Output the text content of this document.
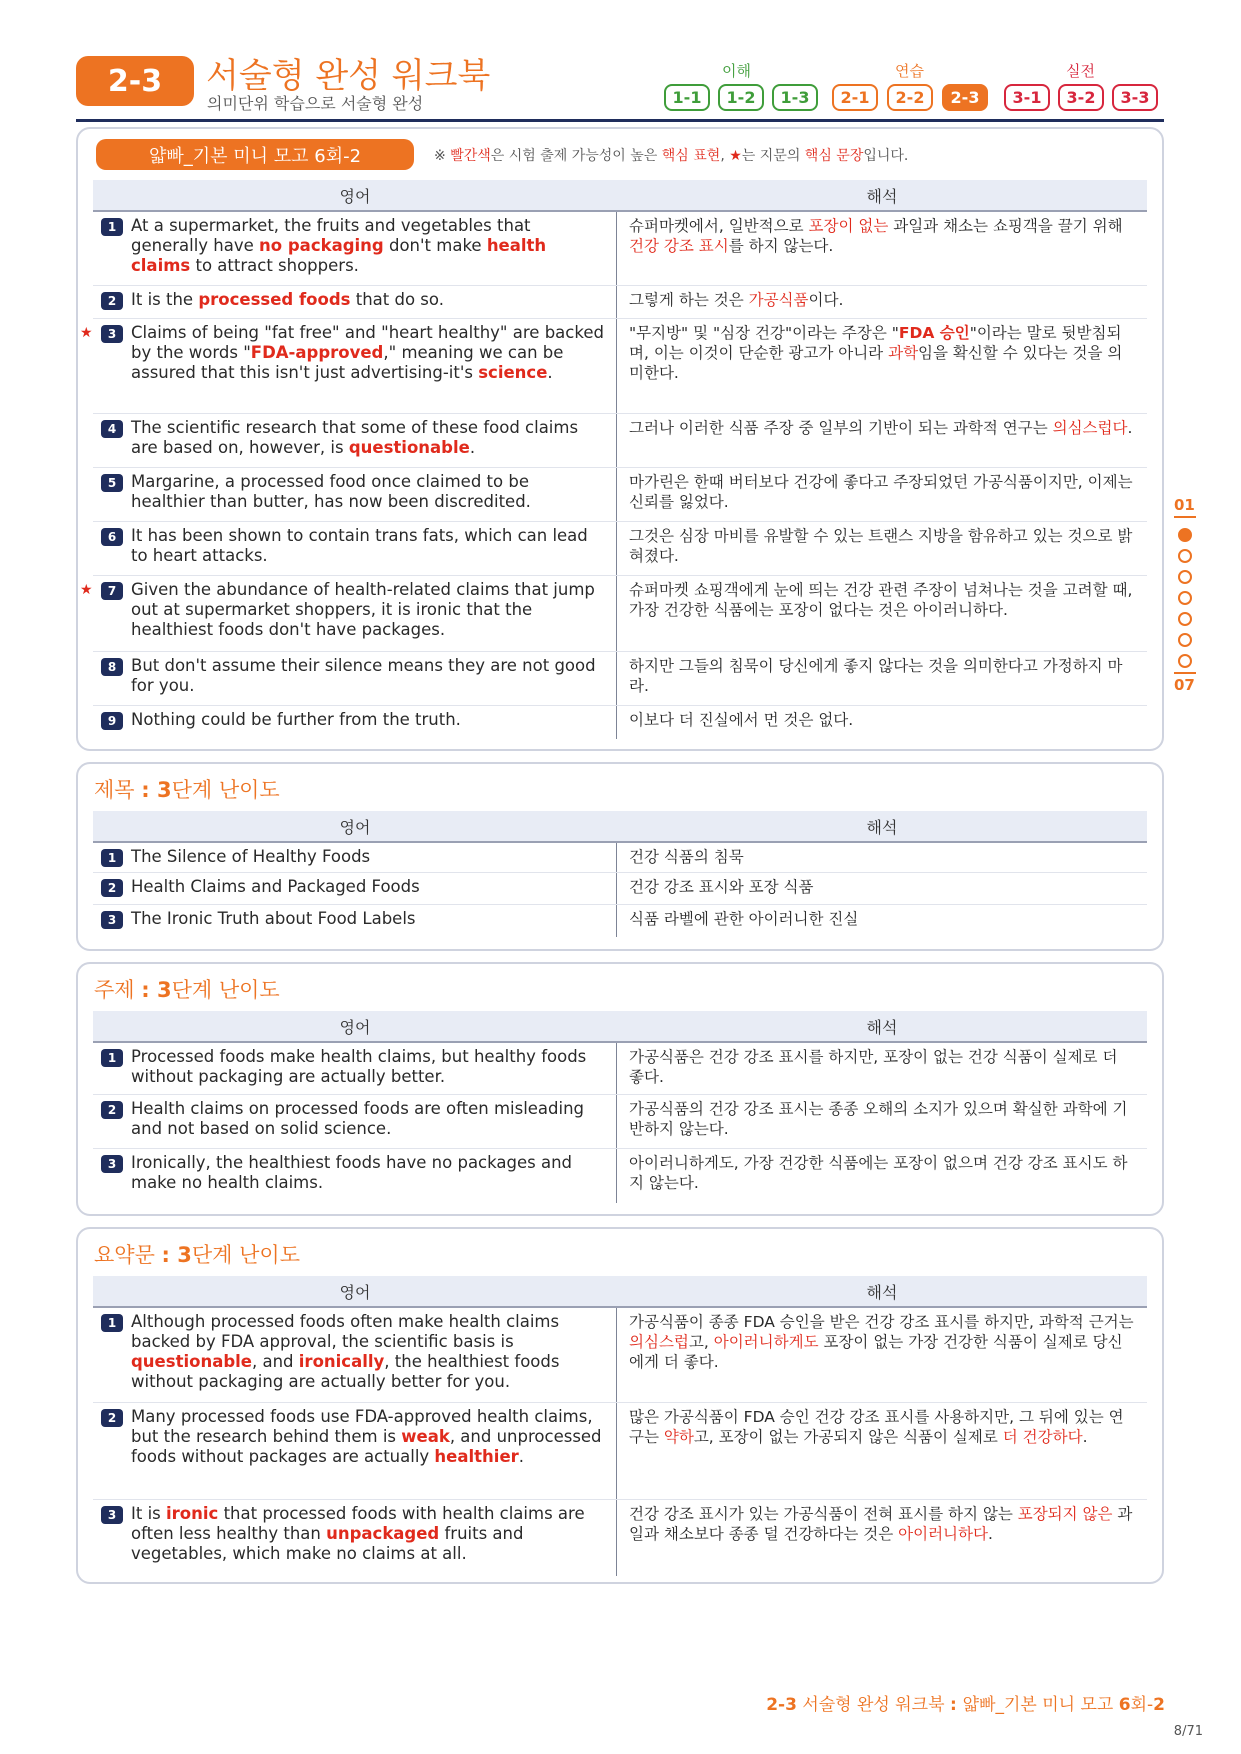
2-3	서술형 완성 워크북
의미단위 학습으로 서술형 완성
이해	연습	실전
1-1	1-2	1-3	2-1	2-2	2-3	3-1	3-2	3-3
얇빠_기본 미니 모고 6회-2	※ 빨간색은 시험 출제 가능성이 높은 핵심 표현, ★는 지문의 핵심 문장입니다.
영어	해석
1 At a supermarket, the fruits and vegetables that generally have no packaging don't make health claims to attract shoppers.
슈퍼마켓에서, 일반적으로 포장이 없는 과일과 채소는 쇼핑객을 끌기 위해 건강 강조 표시를 하지 않는다.
2 It is the processed foods that do so.	그렇게 하는 것은 가공식품이다.
★	3 Claims of being "fat free" and "heart healthy" are backed by the words "FDA-approved," meaning we can be assured that this isn't just advertising-it's science.
"무지방" 및 "심장 건강"이라는 주장은 "FDA 승인"이라는 말로 뒷받침되며, 이는 이것이 단순한 광고가 아니라 과학임을 확신할 수 있다는 것을 의미한다.
4 The scientific research that some of these food claims are based on, however, is questionable.
그러나 이러한 식품 주장 중 일부의 기반이 되는 과학적 연구는 의심스럽다.
5 Margarine, a processed food once claimed to be healthier than butter, has now been discredited.
마가린은 한때 버터보다 건강에 좋다고 주장되었던 가공식품이지만, 이제는 신뢰를 잃었다.
6 It has been shown to contain trans fats, which can lead to heart attacks.
그것은 심장 마비를 유발할 수 있는 트랜스 지방을 함유하고 있는 것으로 밝혀졌다.
★	7 Given the abundance of health-related claims that jump out at supermarket shoppers, it is ironic that the healthiest foods don't have packages.
슈퍼마켓 쇼핑객에게 눈에 띄는 건강 관련 주장이 넘쳐나는 것을 고려할 때, 가장 건강한 식품에는 포장이 없다는 것은 아이러니하다.
8 But don't assume their silence means they are not good for you.
하지만 그들의 침묵이 당신에게 좋지 않다는 것을 의미한다고 가정하지 마라.
9 Nothing could be further from the truth.	이보다 더 진실에서 먼 것은 없다.
제목 : 3단계 난이도
영어	해석
1 The Silence of Healthy Foods	건강 식품의 침묵
2 Health Claims and Packaged Foods	건강 강조 표시와 포장 식품
3 The Ironic Truth about Food Labels	식품 라벨에 관한 아이러니한 진실
주제 : 3단계 난이도
영어	해석
1 Processed foods make health claims, but healthy foods without packaging are actually better.
가공식품은 건강 강조 표시를 하지만, 포장이 없는 건강 식품이 실제로 더 좋다.
2 Health claims on processed foods are often misleading and not based on solid science.
가공식품의 건강 강조 표시는 종종 오해의 소지가 있으며 확실한 과학에 기반하지 않는다.
3 Ironically, the healthiest foods have no packages and make no health claims.
아이러니하게도, 가장 건강한 식품에는 포장이 없으며 건강 강조 표시도 하지 않는다.
요약문 : 3단계 난이도
영어	해석
1 Although processed foods often make health claims backed by FDA approval, the scientific basis is questionable, and ironically, the healthiest foods without packaging are actually better for you.
가공식품이 종종 FDA 승인을 받은 건강 강조 표시를 하지만, 과학적 근거는 의심스럽고, 아이러니하게도 포장이 없는 가장 건강한 식품이 실제로 당신에게 더 좋다.
2 Many processed foods use FDA-approved health claims, but the research behind them is weak, and unprocessed foods without packages are actually healthier.
많은 가공식품이 FDA 승인 건강 강조 표시를 사용하지만, 그 뒤에 있는 연구는 약하고, 포장이 없는 가공되지 않은 식품이 실제로 더 건강하다.
3 It is ironic that processed foods with health claims are often less healthy than unpackaged fruits and vegetables, which make no claims at all.
건강 강조 표시가 있는 가공식품이 전혀 표시를 하지 않는 포장되지 않은 과일과 채소보다 종종 덜 건강하다는 것은 아이러니하다.
01
07
2-3 서술형 완성 워크북 : 얇빠_기본 미니 모고 6회-2
8/71
